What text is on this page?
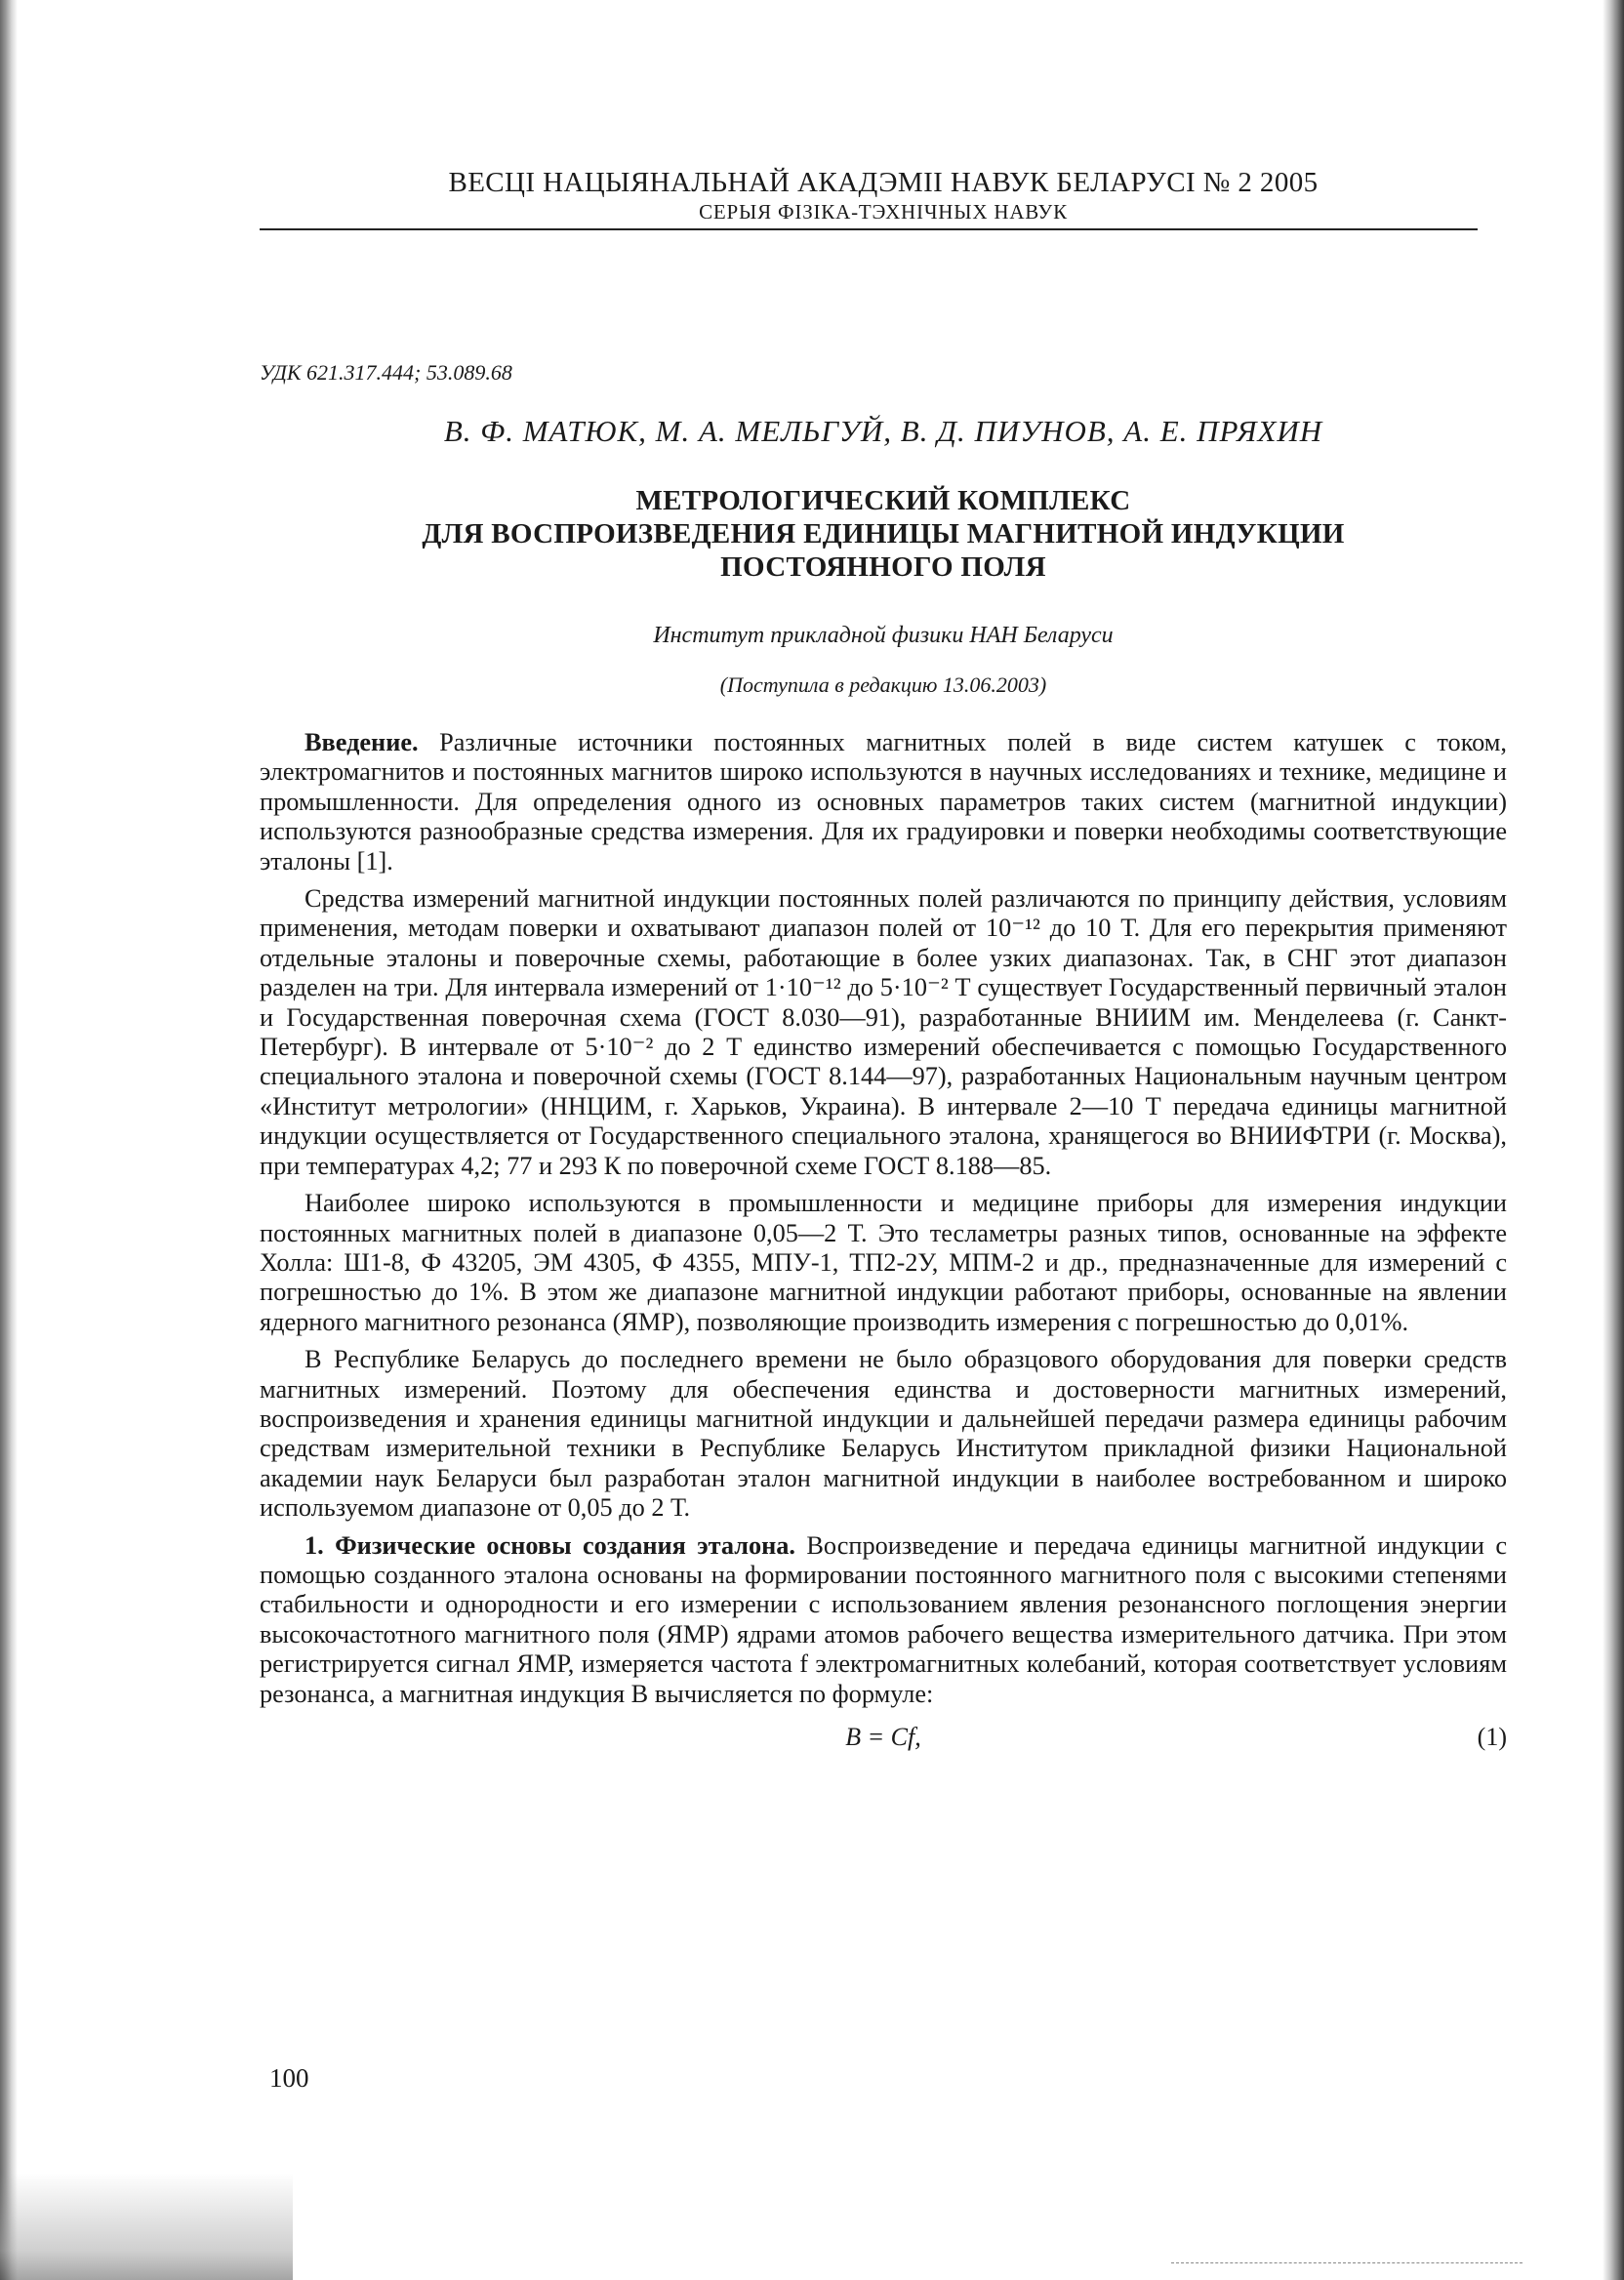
ВЕСЦІ НАЦЫЯНАЛЬНАЙ АКАДЭМІІ НАВУК БЕЛАРУСІ № 2 2005
СЕРЫЯ ФІЗІКА-ТЭХНІЧНЫХ НАВУК
УДК 621.317.444; 53.089.68
В. Ф. МАТЮК, М. А. МЕЛЬГУЙ, В. Д. ПИУНОВ, А. Е. ПРЯХИН
МЕТРОЛОГИЧЕСКИЙ КОМПЛЕКС
ДЛЯ ВОСПРОИЗВЕДЕНИЯ ЕДИНИЦЫ МАГНИТНОЙ ИНДУКЦИИ
ПОСТОЯННОГО ПОЛЯ
Институт прикладной физики НАН Беларуси
(Поступила в редакцию 13.06.2003)

Введение. Различные источники постоянных магнитных полей в виде систем катушек с током, электромагнитов и постоянных магнитов широко используются в научных исследованиях и технике, медицине и промышленности. Для определения одного из основных параметров таких систем (магнитной индукции) используются разнообразные средства измерения. Для их градуировки и поверки необходимы соответствующие эталоны [1].

Средства измерений магнитной индукции постоянных полей различаются по принципу действия, условиям применения, методам поверки и охватывают диапазон полей от 10⁻¹² до 10 Т. Для его перекрытия применяют отдельные эталоны и поверочные схемы, работающие в более узких диапазонах. Так, в СНГ этот диапазон разделен на три. Для интервала измерений от 1·10⁻¹² до 5·10⁻² Т существует Государственный первичный эталон и Государственная поверочная схема (ГОСТ 8.030—91), разработанные ВНИИМ им. Менделеева (г. Санкт-Петербург). В интервале от 5·10⁻² до 2 Т единство измерений обеспечивается с помощью Государственного специального эталона и поверочной схемы (ГОСТ 8.144—97), разработанных Национальным научным центром «Институт метрологии» (ННЦИМ, г. Харьков, Украина). В интервале 2—10 Т передача единицы магнитной индукции осуществляется от Государственного специального эталона, хранящегося во ВНИИФТРИ (г. Москва), при температурах 4,2; 77 и 293 К по поверочной схеме ГОСТ 8.188—85.

Наиболее широко используются в промышленности и медицине приборы для измерения индукции постоянных магнитных полей в диапазоне 0,05—2 Т. Это тесламетры разных типов, основанные на эффекте Холла: Ш1-8, Ф 43205, ЭМ 4305, Ф 4355, МПУ-1, ТП2-2У, МПМ-2 и др., предназначенные для измерений с погрешностью до 1%. В этом же диапазоне магнитной индукции работают приборы, основанные на явлении ядерного магнитного резонанса (ЯМР), позволяющие производить измерения с погрешностью до 0,01%.

В Республике Беларусь до последнего времени не было образцового оборудования для поверки средств магнитных измерений. Поэтому для обеспечения единства и достоверности магнитных измерений, воспроизведения и хранения единицы магнитной индукции и дальнейшей передачи размера единицы рабочим средствам измерительной техники в Республике Беларусь Институтом прикладной физики Национальной академии наук Беларуси был разработан эталон магнитной индукции в наиболее востребованном и широко используемом диапазоне от 0,05 до 2 Т.

1. Физические основы создания эталона. Воспроизведение и передача единицы магнитной индукции с помощью созданного эталона основаны на формировании постоянного магнитного поля с высокими степенями стабильности и однородности и его измерении с использованием явления резонансного поглощения энергии высокочастотного магнитного поля (ЯМР) ядрами атомов рабочего вещества измерительного датчика. При этом регистрируется сигнал ЯМР, измеряется частота f электромагнитных колебаний, которая соответствует условиям резонанса, а магнитная индукция B вычисляется по формуле:

B = Cf,	(1)
100
